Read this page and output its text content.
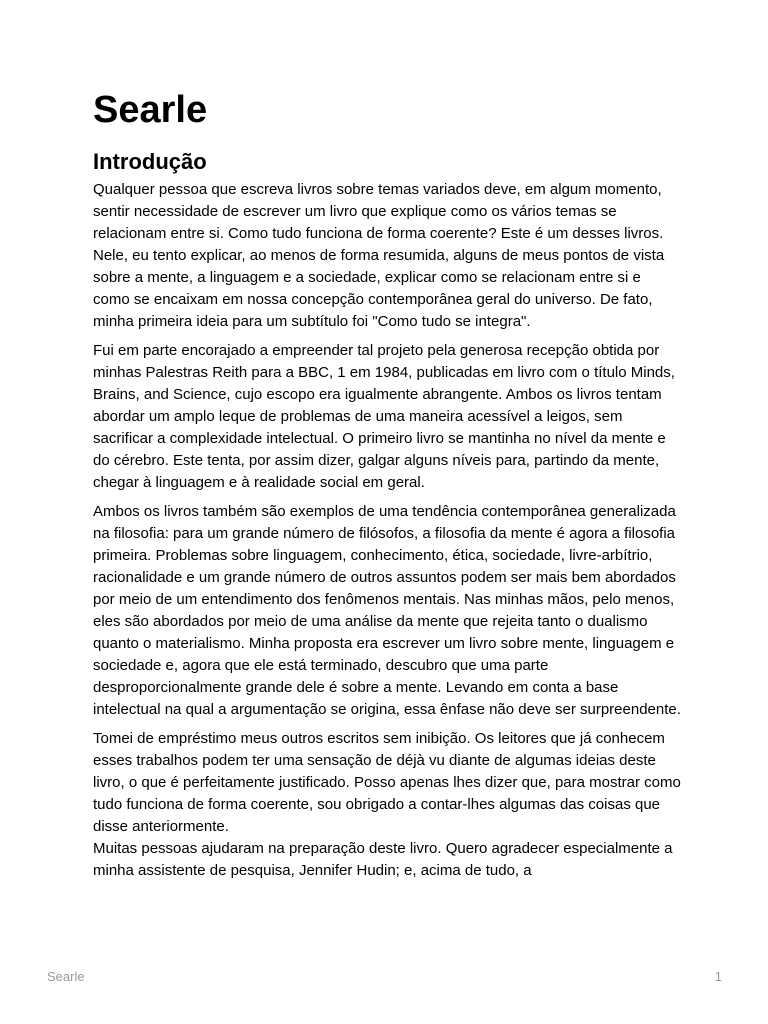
Searle
Introdução

Qualquer pessoa que escreva livros sobre temas variados deve, em algum momento, sentir necessidade de escrever um livro que explique como os vários temas se relacionam entre si. Como tudo funciona de forma coerente? Este é um desses livros. Nele, eu tento explicar, ao menos de forma resumida, alguns de meus pontos de vista sobre a mente, a linguagem e a sociedade, explicar como se relacionam entre si e como se encaixam em nossa concepção contemporânea geral do universo. De fato, minha primeira ideia para um subtítulo foi "Como tudo se integra".

Fui em parte encorajado a empreender tal projeto pela generosa recepção obtida por minhas Palestras Reith para a BBC, 1 em 1984, publicadas em livro com o título Minds, Brains, and Science, cujo escopo era igualmente abrangente. Ambos os livros tentam abordar um amplo leque de problemas de uma maneira acessível a leigos, sem sacrificar a complexidade intelectual. O primeiro livro se mantinha no nível da mente e do cérebro. Este tenta, por assim dizer, galgar alguns níveis para, partindo da mente, chegar à linguagem e à realidade social em geral.

Ambos os livros também são exemplos de uma tendência contemporânea generalizada na filosofia: para um grande número de filósofos, a filosofia da mente é agora a filosofia primeira. Problemas sobre linguagem, conhecimento, ética, sociedade, livre-arbítrio, racionalidade e um grande número de outros assuntos podem ser mais bem abordados por meio de um entendimento dos fenômenos mentais. Nas minhas mãos, pelo menos, eles são abordados por meio de uma análise da mente que rejeita tanto o dualismo quanto o materialismo. Minha proposta era escrever um livro sobre mente, linguagem e sociedade e, agora que ele está terminado, descubro que uma parte desproporcionalmente grande dele é sobre a mente. Levando em conta a base intelectual na qual a argumentação se origina, essa ênfase não deve ser surpreendente.

Tomei de empréstimo meus outros escritos sem inibição. Os leitores que já conhecem esses trabalhos podem ter uma sensação de déjà vu diante de algumas ideias deste livro, o que é perfeitamente justificado. Posso apenas lhes dizer que, para mostrar como tudo funciona de forma coerente, sou obrigado a contar-lhes algumas das coisas que disse anteriormente.

Muitas pessoas ajudaram na preparação deste livro. Quero agradecer especialmente a minha assistente de pesquisa, Jennifer Hudin; e, acima de tudo, a

Searle	1
